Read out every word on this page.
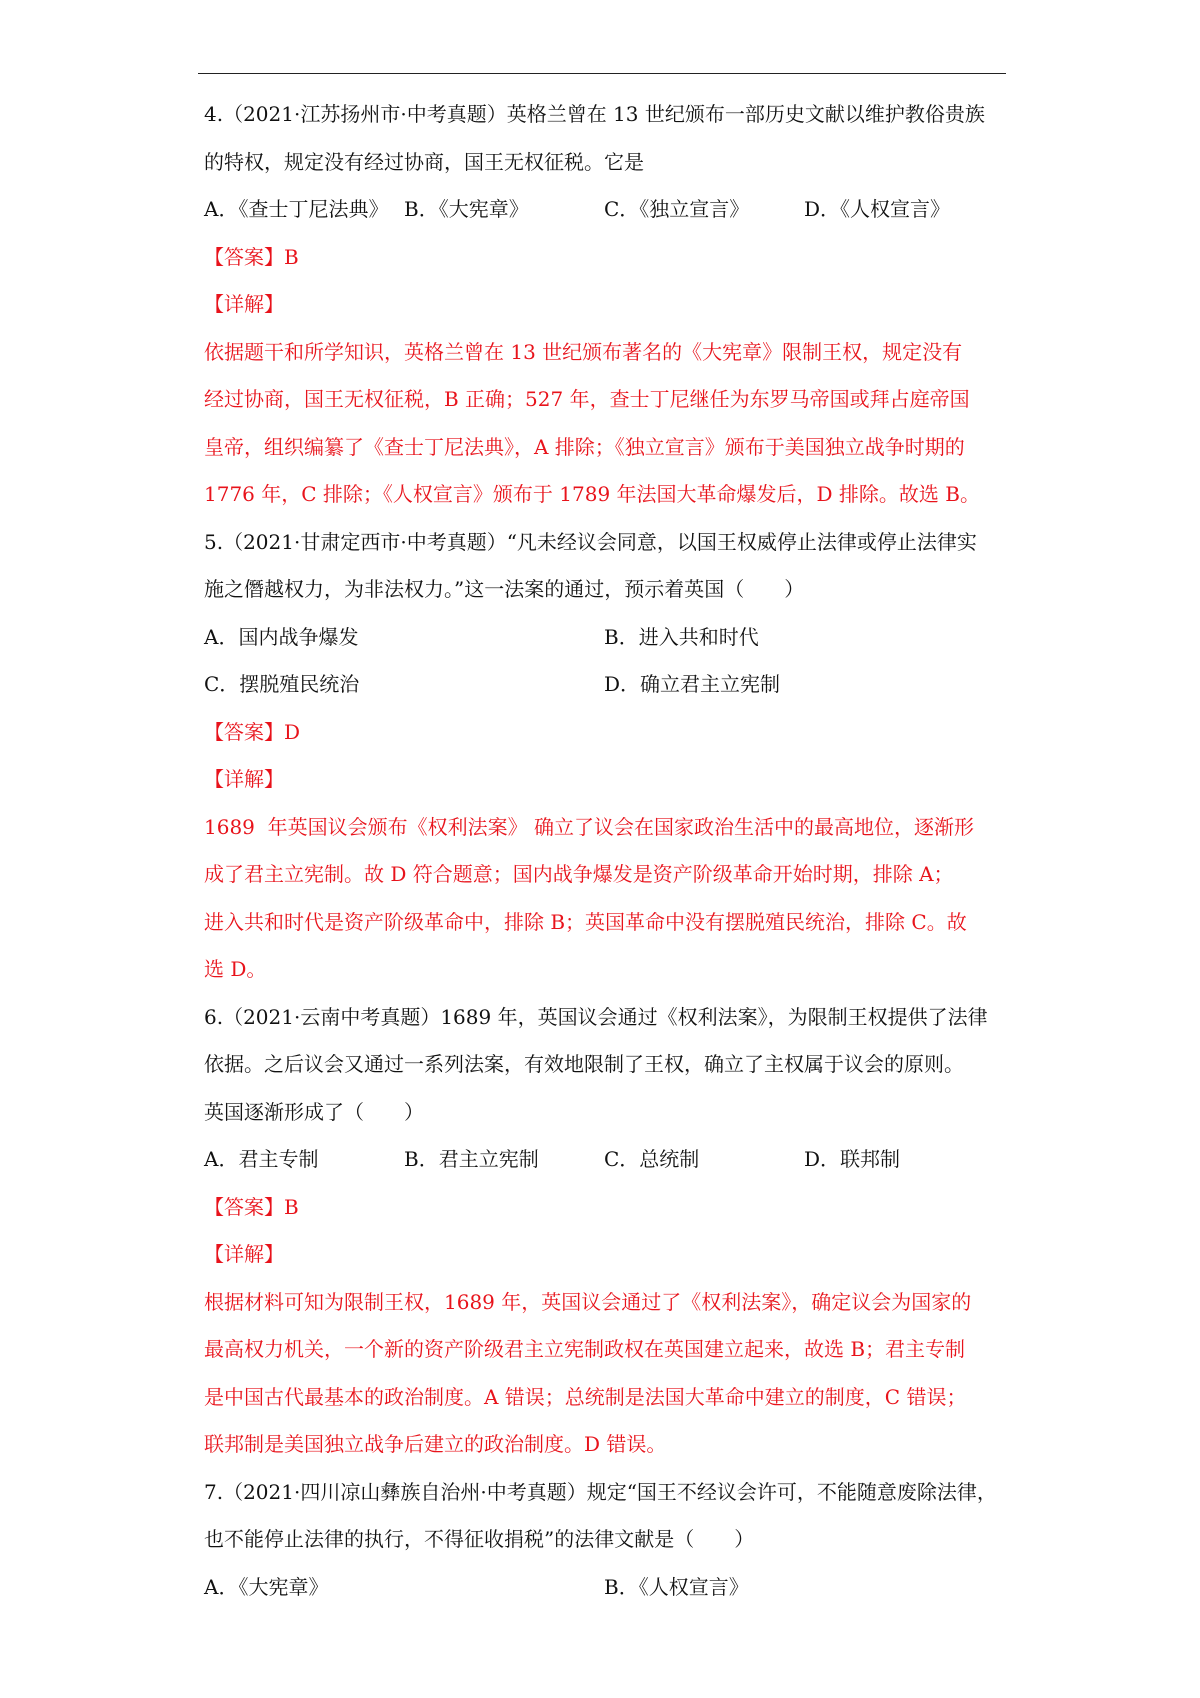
4.（2021·江苏扬州市·中考真题）英格兰曾在 13 世纪颁布一部历史文献以维护教俗贵族

的特权，规定没有经过协商，国王无权征税。它是

A．《查士丁尼法典》 B．《大宪章》	C．《独立宣言》	D．《人权宣言》

【答案】B

【详解】

依据题干和所学知识，英格兰曾在 13 世纪颁布著名的《大宪章》限制王权，规定没有

经过协商，国王无权征税，B 正确；527 年，查士丁尼继任为东罗马帝国或拜占庭帝国

皇帝，组织编纂了《查士丁尼法典》，A 排除；《独立宣言》颁布于美国独立战争时期的

1776 年，C 排除；《人权宣言》颁布于 1789 年法国大革命爆发后，D 排除。故选 B。

5.（2021·甘肃定西市·中考真题）“凡未经议会同意，以国王权威停止法律或停止法律实

施之僭越权力，为非法权力。”这一法案的通过，预示着英国（　　）

A．国内战争爆发	B．进入共和时代
C．摆脱殖民统治	D．确立君主立宪制

【答案】D

【详解】

1689  年英国议会颁布《权利法案》 确立了议会在国家政治生活中的最高地位，逐渐形

成了君主立宪制。故 D 符合题意；国内战争爆发是资产阶级革命开始时期，排除 A；

进入共和时代是资产阶级革命中，排除 B；英国革命中没有摆脱殖民统治，排除 C。故

选 D。

6.（2021·云南中考真题）1689 年，英国议会通过《权利法案》，为限制王权提供了法律

依据。之后议会又通过一系列法案，有效地限制了王权，确立了主权属于议会的原则。

英国逐渐形成了（　　）

A．君主专制	B．君主立宪制	C．总统制	D．联邦制

【答案】B

【详解】

根据材料可知为限制王权，1689 年，英国议会通过了《权利法案》，确定议会为国家的

最高权力机关，一个新的资产阶级君主立宪制政权在英国建立起来，故选 B；君主专制

是中国古代最基本的政治制度。A 错误；总统制是法国大革命中建立的制度，C 错误；

联邦制是美国独立战争后建立的政治制度。D 错误。

7.（2021·四川凉山彝族自治州·中考真题）规定“国王不经议会许可，不能随意废除法律，

也不能停止法律的执行，不得征收捐税”的法律文献是（　　）

A．《大宪章》	B．《人权宣言》
